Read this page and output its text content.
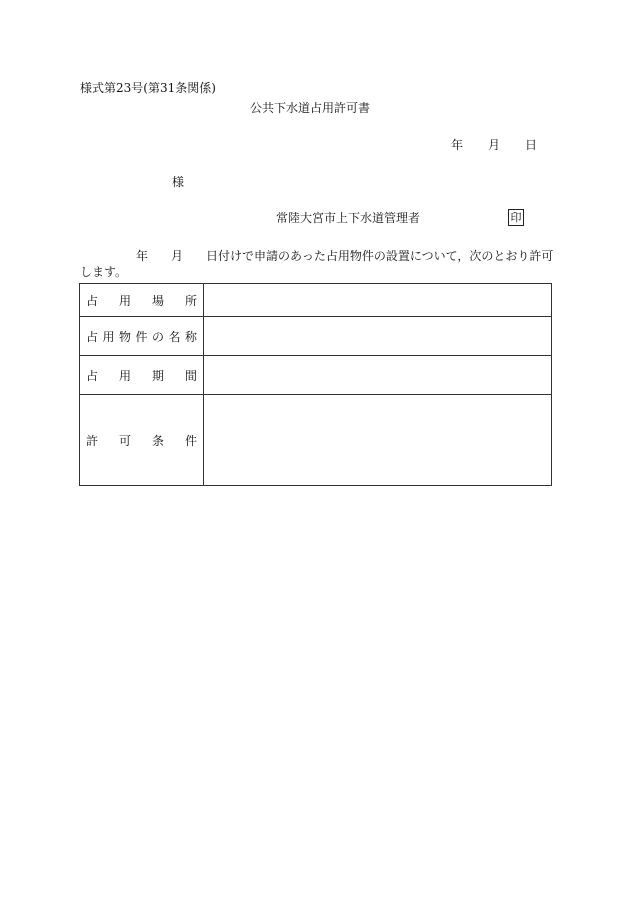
様式第23号(第31条関係)
公共下水道占用許可書
年 月 日
様
常陸大宮市上下水道管理者	印
年 月 日付けで申請のあった占用物件の設置について，次のとおり許可
します。
占用場所	
占用物件の名称	
占用期間	
許可条件	
